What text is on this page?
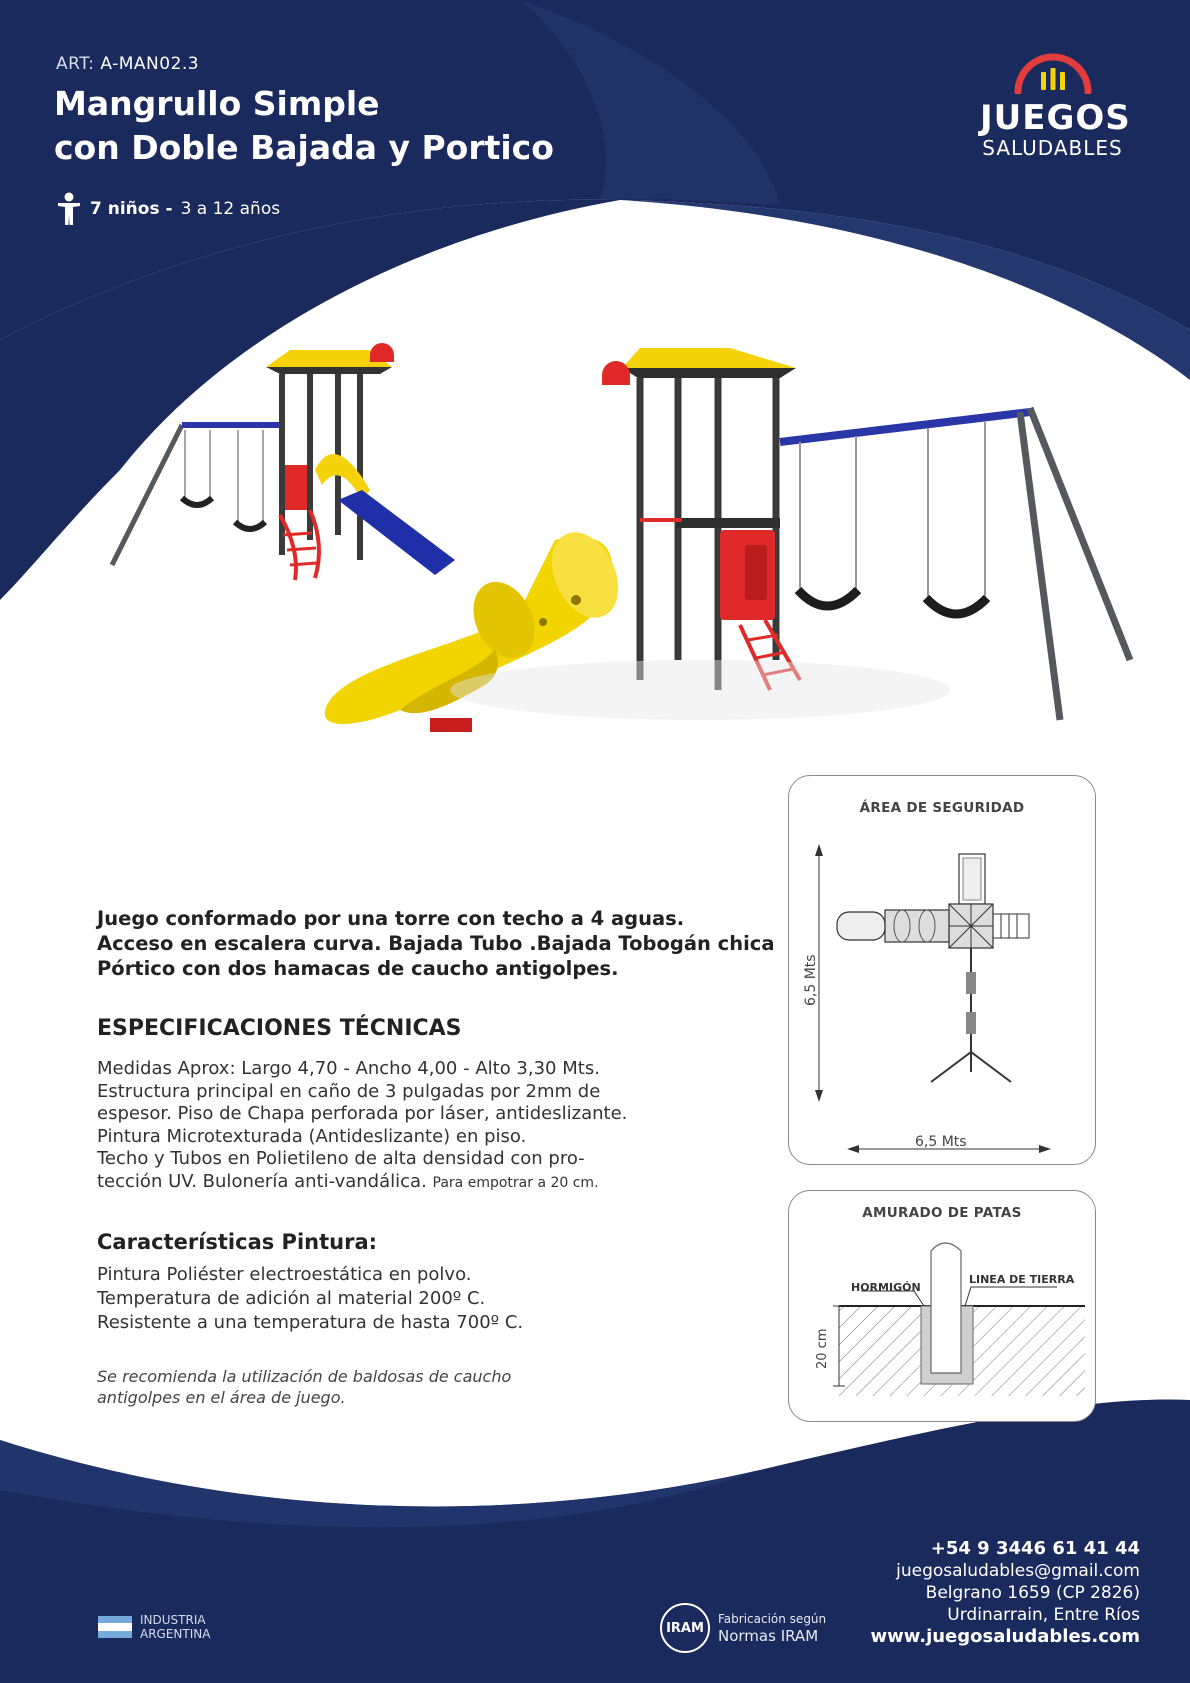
ART: A-MAN02.3
Mangrullo Simple
con Doble Bajada y Portico
7 niños - 3 a 12 años
JUEGOS
SALUDABLES
Juego conformado por una torre con techo a 4 aguas.
Acceso en escalera curva. Bajada Tubo .Bajada Tobogán chica
Pórtico con dos hamacas de caucho antigolpes.
ESPECIFICACIONES TÉCNICAS
Medidas Aprox: Largo 4,70 - Ancho 4,00 - Alto 3,30 Mts.
Estructura principal en caño de 3 pulgadas por 2mm de
espesor. Piso de Chapa perforada por láser, antideslizante.
Pintura Microtexturada (Antideslizante) en piso.
Techo y Tubos en Polietileno de alta densidad con pro-
tección UV. Bulonería anti-vandálica. Para empotrar a 20 cm.
Características Pintura:
Pintura Poliéster electroestática en polvo.
Temperatura de adición al material 200º C.
Resistente a una temperatura de hasta 700º C.
Se recomienda la utilización de baldosas de caucho antigolpes en el área de juego.
ÁREA DE SEGURIDAD
6,5 Mts
6,5 Mts
AMURADO DE PATAS
HORMIGÓN
LINEA DE TIERRA
20 cm
INDUSTRIA
ARGENTINA	IRAM
Fabricación según
Normas IRAM
+54 9 3446 61 41 44
juegosaludables@gmail.com
Belgrano 1659 (CP 2826)
Urdinarrain, Entre Ríos
www.juegosaludables.com
